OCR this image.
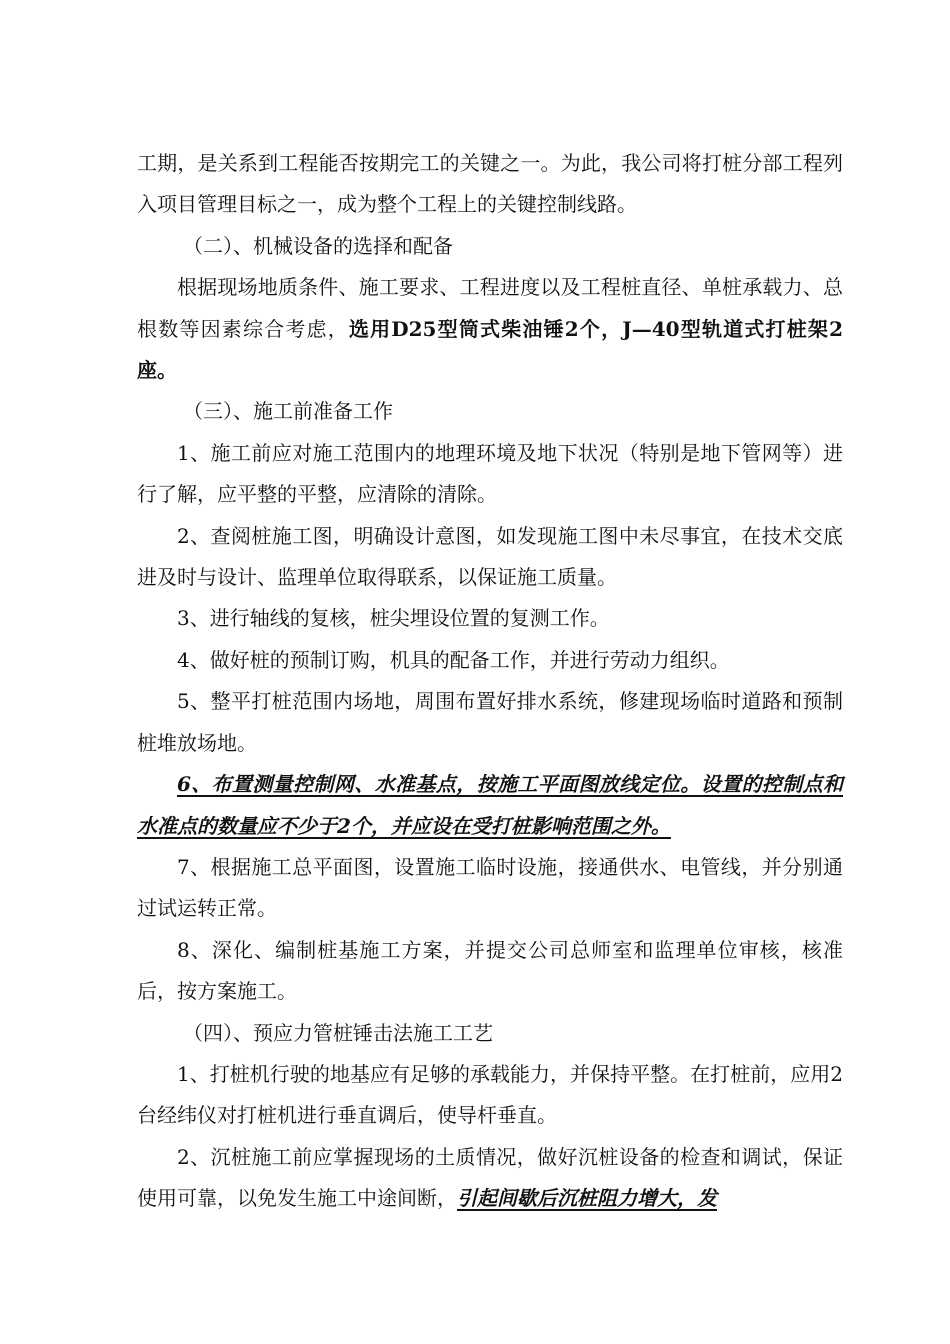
工期，是关系到工程能否按期完工的关键之一。为此，我公司将打桩分部工程列入项目管理目标之一，成为整个工程上的关键控制线路。

（二）、机械设备的选择和配备

根据现场地质条件、施工要求、工程进度以及工程桩直径、单桩承载力、总根数等因素综合考虑，选用D25型筒式柴油锤2个，J—40型轨道式打桩架2座。

（三）、施工前准备工作

1、施工前应对施工范围内的地理环境及地下状况（特别是地下管网等）进行了解，应平整的平整，应清除的清除。

2、查阅桩施工图，明确设计意图，如发现施工图中未尽事宜，在技术交底进及时与设计、监理单位取得联系，以保证施工质量。

3、进行轴线的复核，桩尖埋设位置的复测工作。

4、做好桩的预制订购，机具的配备工作，并进行劳动力组织。

5、整平打桩范围内场地，周围布置好排水系统，修建现场临时道路和预制桩堆放场地。

6、布置测量控制网、水准基点，按施工平面图放线定位。设置的控制点和水准点的数量应不少于2个，并应设在受打桩影响范围之外。

7、根据施工总平面图，设置施工临时设施，接通供水、电管线，并分别通过试运转正常。

8、深化、编制桩基施工方案，并提交公司总师室和监理单位审核，核准后，按方案施工。

（四）、预应力管桩锤击法施工工艺

1、打桩机行驶的地基应有足够的承载能力，并保持平整。在打桩前，应用2台经纬仪对打桩机进行垂直调后，使导杆垂直。

2、沉桩施工前应掌握现场的土质情况，做好沉桩设备的检查和调试，保证使用可靠，以免发生施工中途间断，引起间歇后沉桩阻力增大，发
